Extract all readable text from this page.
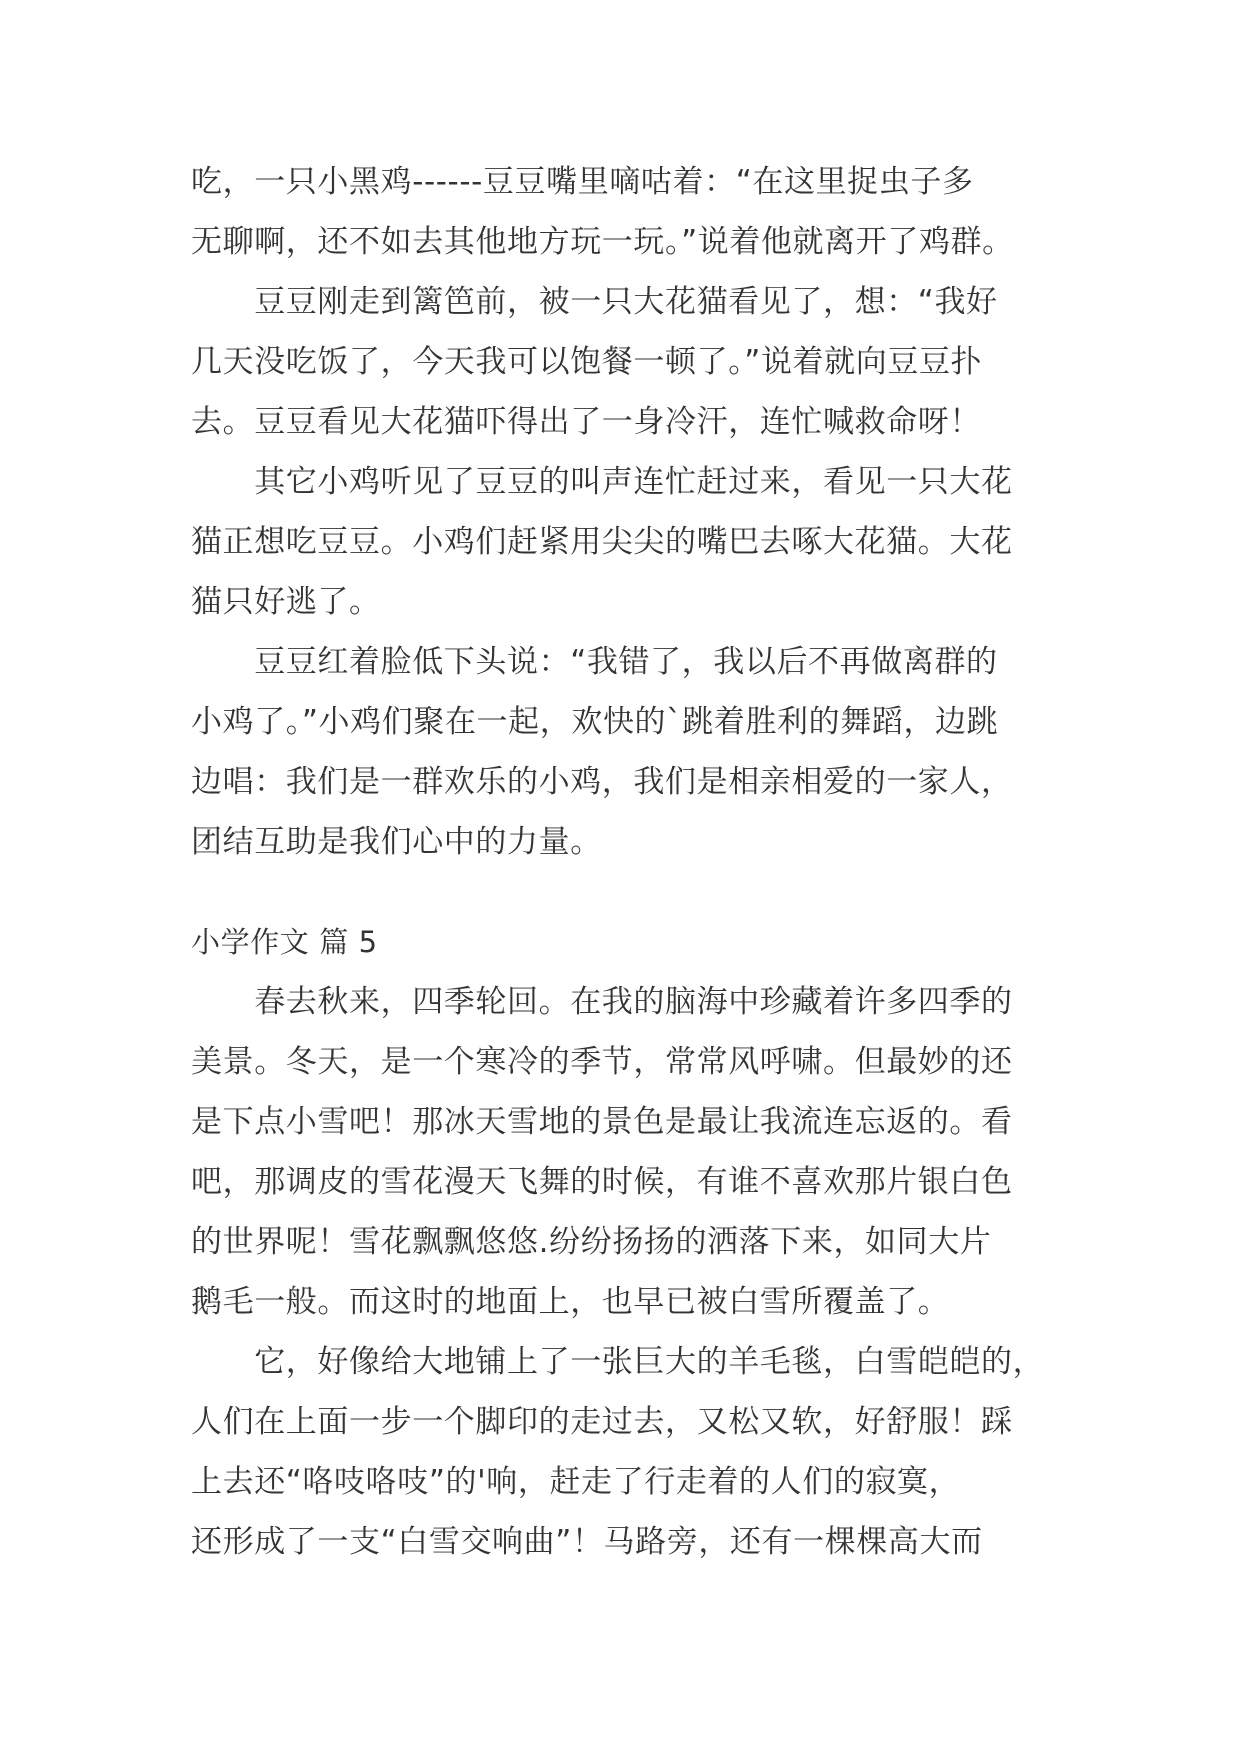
吃，一只小黑鸡------豆豆嘴里嘀咕着：“在这里捉虫子多
无聊啊，还不如去其他地方玩一玩。”说着他就离开了鸡群。
　　豆豆刚走到篱笆前，被一只大花猫看见了，想：“我好
几天没吃饭了，今天我可以饱餐一顿了。”说着就向豆豆扑
去。豆豆看见大花猫吓得出了一身冷汗，连忙喊救命呀！
　　其它小鸡听见了豆豆的叫声连忙赶过来，看见一只大花
猫正想吃豆豆。小鸡们赶紧用尖尖的嘴巴去啄大花猫。大花
猫只好逃了。
　　豆豆红着脸低下头说：“我错了，我以后不再做离群的
小鸡了。”小鸡们聚在一起，欢快的`跳着胜利的舞蹈，边跳
边唱：我们是一群欢乐的小鸡，我们是相亲相爱的一家人，
团结互助是我们心中的力量。
小学作文 篇 5
　　春去秋来，四季轮回。在我的脑海中珍藏着许多四季的
美景。冬天，是一个寒冷的季节，常常风呼啸。但最妙的还
是下点小雪吧！那冰天雪地的景色是最让我流连忘返的。看
吧，那调皮的雪花漫天飞舞的时候，有谁不喜欢那片银白色
的世界呢！雪花飘飘悠悠.纷纷扬扬的洒落下来，如同大片
鹅毛一般。而这时的地面上，也早已被白雪所覆盖了。
　　它，好像给大地铺上了一张巨大的羊毛毯，白雪皑皑的，
人们在上面一步一个脚印的走过去，又松又软，好舒服！踩
上去还“咯吱咯吱”的'响，赶走了行走着的人们的寂寞，
还形成了一支“白雪交响曲”！马路旁，还有一棵棵高大而
